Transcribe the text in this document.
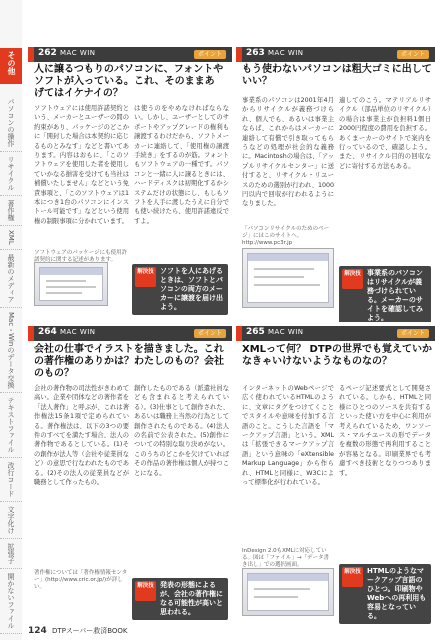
その他
パソコンの操作
リサイクル
著作権
XML
最新のメディア
Mac・Winのデータ交換
テキストファイル
改行コード
文字化け
拡張子
開かないファイル
262 MAC WIN	ポイント
人に譲るつもりのパソコンに、フォントやソフトが入っている。これ、そのままあげてはイケナイの？
ソフトウェアには使用許諾契約という、メーカーとユーザーの間の約束があり、パッケージのどこかに「開封した場合は本契約に応じるものとみなす」などと書いてあります。内容はおもに、「このソフトウェアを使用した者を使用していかなる損害を受けても当社は補償いたしません」などという免責事項と、「このソフトウェアは1本につき1台のパソコンにインストール可能です」などという使用権の制限事項に分かれています。
は使うのをやめなければならない。しかし、ユーザーとしてのサポートやアップグレードの権利も譲渡するわけだから、ソフトメーカーに連絡して、「使用権の譲渡手続き」をするのが筋。フォントもソフトウェアの一種です。パソコンと一緒に人に譲るときには、ハードディスクは初期化するかシステムだけの状態にし、もしもソフトを人手に渡したうえに自分でも使い続けたら、使用許諾違反ですよ。
ソフトウェアのパッケージにも使用許諾契約に関する記述があります。
解決技 ソフトを人にあげるときは、ソフトとパソコンの両方のメーカーに譲渡を届け出よう。
263 MAC WIN	ポイント
もう使わないパソコンは粗大ゴミに出していい？
事業系のパソコンは2001年4月からリサイクルが義務づけられ、個人でも、あるいは事業主ならば、これからはメーカーに連絡して有償で引き取ってもらうなどの処理が社会的な義務に。Macintoshの場合は、「アップルリサイクルセンター」に送付すると、リサイクル・リユースのための選別が行われ、1000円以内で回収が行われるようになりました。
適してのこう。マテリアルリサイクル（部品単位のリサイクル）の場合は事業主が負担料1個日2000円程度の費用を負担する。あくまーカーのサイトで案内を行っているので、確認しよう。また、リサイクル目的の回収などに寄付する方法もある。
「パソコンリサイクルのためのページ」にはこのサイトへ。http://www.pc3r.jp
解決技 事業系のパソコンはリサイクルが義務づけられている。メーカーのサイトを確認してみよう。
264 MAC WIN	ポイント
会社の仕事でイラストを描きました。これの著作権のありかは？わたしのもの？会社のもの？
会社の著作物の司法性がきわめて高い。企業や団体などの著作者を「法人著作」と呼ぶが、これは著作権法15条1項で定められている。著作権法は、以下の3つの要件のすべてを満たす場合、法人の著作物であるとしている。(1)その創作が法人等（会社や従業員など）の意思で行なわれたものである。(2)その法人の従業員などが職務として作ったもの。
創作したものである（派遣社員なども含まれると考えられている）。(3)仕事として創作された、あるいは職務上当然の行為として創作されたものである。(4)法人の名前で公表された。(5)創作についての特別な取り決めがない。このうちのどこかを欠けていればその作品の著作権は個人が持つことになる。
著作権については「著作権情報センター」(http://www.cric.or.jp/)が詳しい。	解決技 発表の形態によるが、会社の著作権になる可能性が高いと思われる。
265 MAC WIN	ポイント
XMLって何？ DTPの世界でも覚えていかなきゃいけないようなものなの？
インターネットのWebページで広く使われているHTMLのように、文章にタグをつけてくことでスタイルや意味を付加する言語のこと。こうした言語を「マークアップ言語」という。XMLは「拡張できるマークアップ言語」という意味の「eXtensible Markup Language」から作られ、HTMLと同様に、W3Cによって標準化が行われている。
るページ記述要式として開発されている。しかも、HTMLと同様にひとつのソースを共有するといった使い方を中心に利用が考えられているため、ワンソース・マルチユースの形でデータを複数の形態で再利用することが容易となる。印刷業界でも考慮すべき技術となりつつあります。
InDesign 2.0もXMLに対応している。図は「ファイル」→「データ書き出し」での選択画面。
解決技 HTMLのようなマークアップ言語のひとつ。印刷物やWebへの再利用も容易となっている。
124 DTPスーパー救済BOOK
